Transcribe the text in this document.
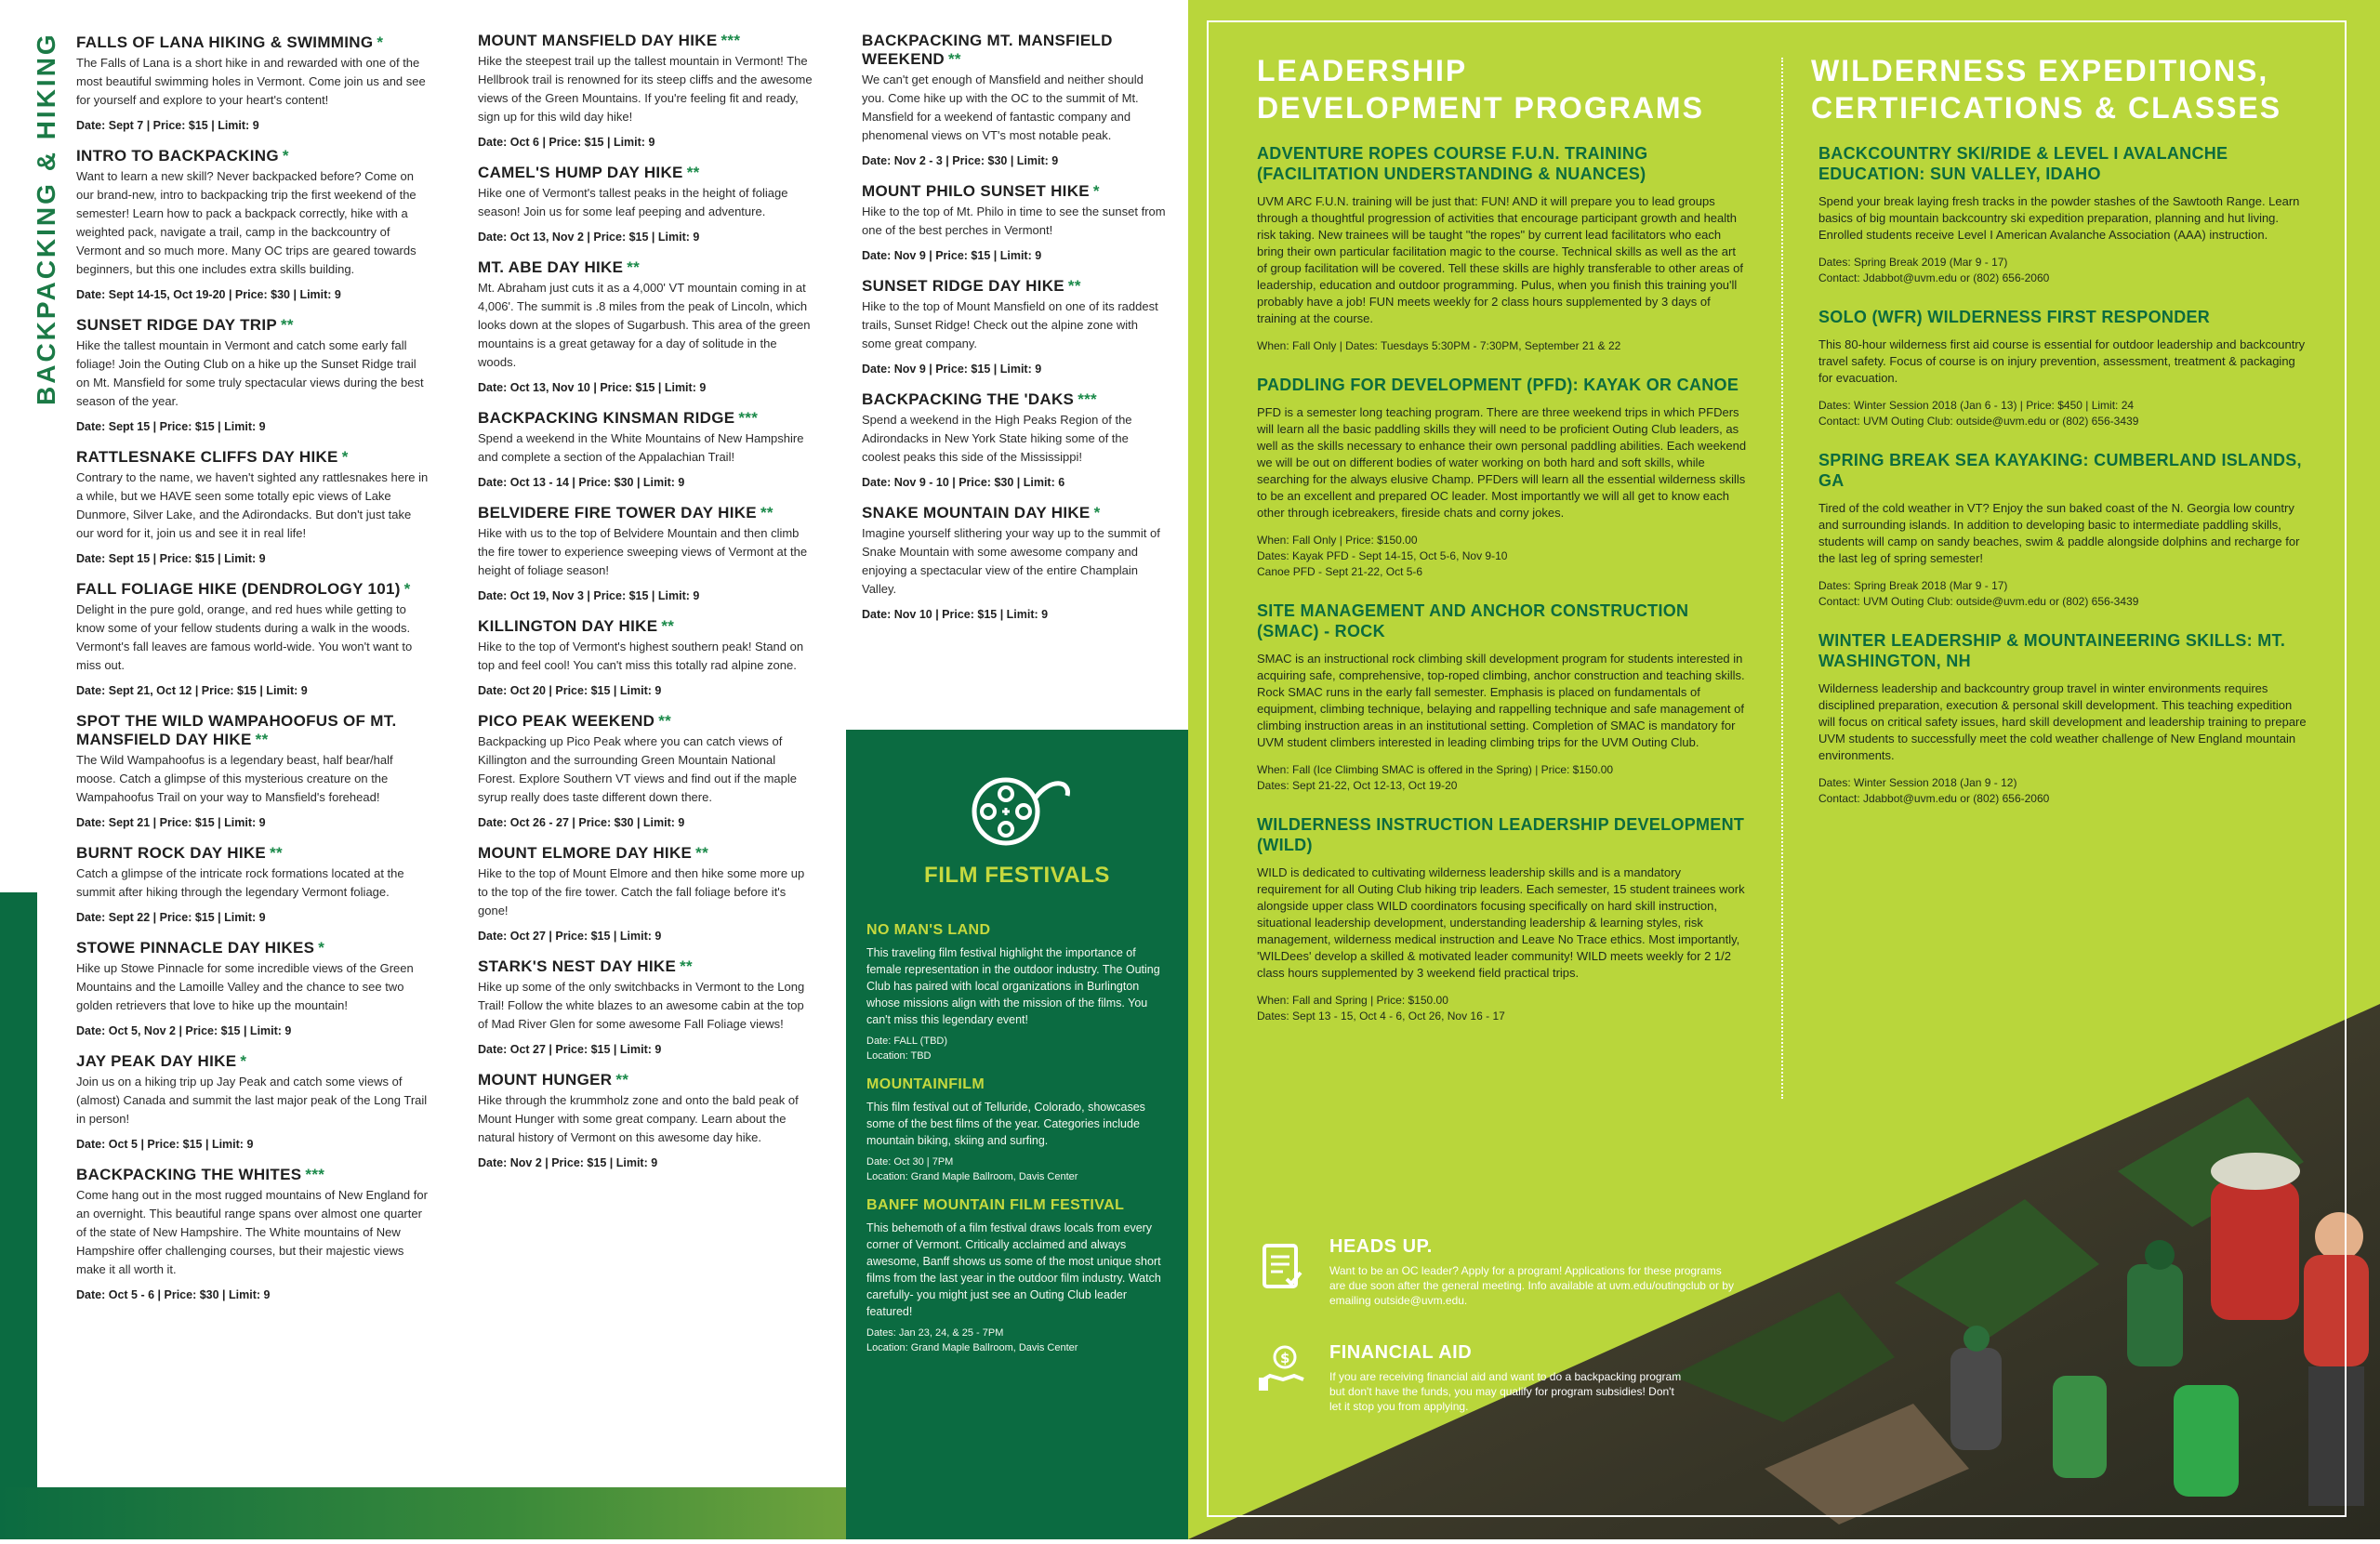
BACKPACKING & HIKING FALLS OF LANA HIKING & SWIMMING *
The Falls of Lana is a short hike in and rewarded with one of the most beautiful swimming holes in Vermont. Come join us and see for yourself and explore to your heart's content!
Date: Sept 7 | Price: $15 | Limit: 9
INTRO TO BACKPACKING *
Want to learn a new skill? Never backpacked before? Come on our brand-new, intro to backpacking trip the first weekend of the semester! Learn how to pack a backpack correctly, hike with a weighted pack, navigate a trail, camp in the backcountry of Vermont and so much more. Many OC trips are geared towards beginners, but this one includes extra skills building.
Date: Sept 14-15, Oct 19-20 | Price: $30 | Limit: 9
SUNSET RIDGE DAY TRIP **
Hike the tallest mountain in Vermont and catch some early fall foliage! Join the Outing Club on a hike up the Sunset Ridge trail on Mt. Mansfield for some truly spectacular views during the best season of the year.
Date: Sept 15 | Price: $15 | Limit: 9
RATTLESNAKE CLIFFS DAY HIKE *
Contrary to the name, we haven't sighted any rattlesnakes here in a while, but we HAVE seen some totally epic views of Lake Dunmore, Silver Lake, and the Adirondacks. But don't just take our word for it, join us and see it in real life!
Date: Sept 15 | Price: $15 | Limit: 9
FALL FOLIAGE HIKE (DENDROLOGY 101) *
Delight in the pure gold, orange, and red hues while getting to know some of your fellow students during a walk in the woods. Vermont's fall leaves are famous world-wide. You won't want to miss out.
Date: Sept 21, Oct 12 | Price: $15 | Limit: 9
SPOT THE WILD WAMPAHOOFUS OF MT. MANSFIELD DAY HIKE **
The Wild Wampahoofus is a legendary beast, half bear/half moose. Catch a glimpse of this mysterious creature on the Wampahoofus Trail on your way to Mansfield's forehead!
Date: Sept 21 | Price: $15 | Limit: 9
BURNT ROCK DAY HIKE **
Catch a glimpse of the intricate rock formations located at the summit after hiking through the legendary Vermont foliage.
Date: Sept 22 | Price: $15 | Limit: 9
STOWE PINNACLE DAY HIKES *
Hike up Stowe Pinnacle for some incredible views of the Green Mountains and the Lamoille Valley and the chance to see two golden retrievers that love to hike up the mountain!
Date: Oct 5, Nov 2 | Price: $15 | Limit: 9
JAY PEAK DAY HIKE *
Join us on a hiking trip up Jay Peak and catch some views of (almost) Canada and summit the last major peak of the Long Trail in person!
Date: Oct 5 | Price: $15 | Limit: 9
BACKPACKING THE WHITES ***
Come hang out in the most rugged mountains of New England for an overnight. This beautiful range spans over almost one quarter of the state of New Hampshire. The White mountains of New Hampshire offer challenging courses, but their majestic views make it all worth it.
Date: Oct 5 - 6 | Price: $30 | Limit: 9
MOUNT MANSFIELD DAY HIKE ***
Hike the steepest trail up the tallest mountain in Vermont! The Hellbrook trail is renowned for its steep cliffs and the awesome views of the Green Mountains. If you're feeling fit and ready, sign up for this wild day hike!
Date: Oct 6 | Price: $15 | Limit: 9
CAMEL'S HUMP DAY HIKE **
Hike one of Vermont's tallest peaks in the height of foliage season! Join us for some leaf peeping and adventure.
Date: Oct 13, Nov 2 | Price: $15 | Limit: 9
MT. ABE DAY HIKE **
Mt. Abraham just cuts it as a 4,000' VT mountain coming in at 4,006'. The summit is .8 miles from the peak of Lincoln, which looks down at the slopes of Sugarbush. This area of the green mountains is a great getaway for a day of solitude in the woods.
Date: Oct 13, Nov 10 | Price: $15 | Limit: 9
BACKPACKING KINSMAN RIDGE ***
Spend a weekend in the White Mountains of New Hampshire and complete a section of the Appalachian Trail!
Date: Oct 13 - 14 | Price: $30 | Limit: 9
BELVIDERE FIRE TOWER DAY HIKE **
Hike with us to the top of Belvidere Mountain and then climb the fire tower to experience sweeping views of Vermont at the height of foliage season!
Date: Oct 19, Nov 3 | Price: $15 | Limit: 9
KILLINGTON DAY HIKE **
Hike to the top of Vermont's highest southern peak! Stand on top and feel cool! You can't miss this totally rad alpine zone.
Date: Oct 20 | Price: $15 | Limit: 9
PICO PEAK WEEKEND **
Backpacking up Pico Peak where you can catch views of Killington and the surrounding Green Mountain National Forest. Explore Southern VT views and find out if the maple syrup really does taste different down there.
Date: Oct 26 - 27 | Price: $30 | Limit: 9
MOUNT ELMORE DAY HIKE **
Hike to the top of Mount Elmore and then hike some more up to the top of the fire tower. Catch the fall foliage before it's gone!
Date: Oct 27 | Price: $15 | Limit: 9
STARK'S NEST DAY HIKE **
Hike up some of the only switchbacks in Vermont to the Long Trail! Follow the white blazes to an awesome cabin at the top of Mad River Glen for some awesome Fall Foliage views!
Date: Oct 27 | Price: $15 | Limit: 9
MOUNT HUNGER **
Hike through the krummholz zone and onto the bald peak of Mount Hunger with some great company. Learn about the natural history of Vermont on this awesome day hike.
Date: Nov 2 | Price: $15 | Limit: 9
BACKPACKING MT. MANSFIELD WEEKEND **
We can't get enough of Mansfield and neither should you. Come hike up with the OC to the summit of Mt. Mansfield for a weekend of fantastic company and phenomenal views on VT's most notable peak.
Date: Nov 2 - 3 | Price: $30 | Limit: 9
MOUNT PHILO SUNSET HIKE *
Hike to the top of Mt. Philo in time to see the sunset from one of the best perches in Vermont!
Date: Nov 9 | Price: $15 | Limit: 9
SUNSET RIDGE DAY HIKE **
Hike to the top of Mount Mansfield on one of its raddest trails, Sunset Ridge! Check out the alpine zone with some great company.
Date: Nov 9 | Price: $15 | Limit: 9
BACKPACKING THE 'DAKS ***
Spend a weekend in the High Peaks Region of the Adirondacks in New York State hiking some of the coolest peaks this side of the Mississippi!
Date: Nov 9 - 10 | Price: $30 | Limit: 6
SNAKE MOUNTAIN DAY HIKE *
Imagine yourself slithering your way up to the summit of Snake Mountain with some awesome company and enjoying a spectacular view of the entire Champlain Valley.
Date: Nov 10 | Price: $15 | Limit: 9
FILM FESTIVALS
NO MAN'S LAND
This traveling film festival highlight the importance of female representation in the outdoor industry. The Outing Club has paired with local organizations in Burlington whose missions align with the mission of the films. You can't miss this legendary event!
Date: FALL (TBD)
Location: TBD
MOUNTAINFILM
This film festival out of Telluride, Colorado, showcases some of the best films of the year. Categories include mountain biking, skiing and surfing.
Date: Oct 30 | 7PM
Location: Grand Maple Ballroom, Davis Center
BANFF MOUNTAIN FILM FESTIVAL
This behemoth of a film festival draws locals from every corner of Vermont. Critically acclaimed and always awesome, Banff shows us some of the most unique short films from the last year in the outdoor film industry. Watch carefully- you might just see an Outing Club leader featured!
Dates: Jan 23, 24, & 25 - 7PM
Location: Grand Maple Ballroom, Davis Center
LEADERSHIP
DEVELOPMENT PROGRAMS
WILDERNESS EXPEDITIONS,
CERTIFICATIONS & CLASSES
ADVENTURE ROPES COURSE F.U.N. TRAINING (FACILITATION UNDERSTANDING & NUANCES)
UVM ARC F.U.N. training will be just that: FUN! AND it will prepare you to lead groups through a thoughtful progression of activities that encourage participant growth and health risk taking. New trainees will be taught "the ropes" by current lead facilitators who each bring their own particular facilitation magic to the course. Technical skills as well as the art of group facilitation will be covered. Tell these skills are highly transferable to other areas of leadership, education and outdoor programming. Pulus, when you finish this training you'll probably have a job! FUN meets weekly for 2 class hours supplemented by 3 days of training at the course.
When: Fall Only | Dates: Tuesdays 5:30PM - 7:30PM, September 21 & 22
PADDLING FOR DEVELOPMENT (PFD): KAYAK OR CANOE
PFD is a semester long teaching program. There are three weekend trips in which PFDers will learn all the basic paddling skills they will need to be proficient Outing Club leaders, as well as the skills necessary to enhance their own personal paddling abilities. Each weekend we will be out on different bodies of water working on both hard and soft skills, while searching for the always elusive Champ. PFDers will learn all the essential wilderness skills to be an excellent and prepared OC leader. Most importantly we will all get to know each other through icebreakers, fireside chats and corny jokes.
When: Fall Only | Price: $150.00
Dates: Kayak PFD - Sept 14-15, Oct 5-6, Nov 9-10
Canoe PFD - Sept 21-22, Oct 5-6
SITE MANAGEMENT AND ANCHOR CONSTRUCTION (SMAC) - ROCK
SMAC is an instructional rock climbing skill development program for students interested in acquiring safe, comprehensive, top-roped climbing, anchor construction and teaching skills. Rock SMAC runs in the early fall semester. Emphasis is placed on fundamentals of equipment, climbing technique, belaying and rappelling technique and safe management of climbing instruction areas in an institutional setting. Completion of SMAC is mandatory for UVM student climbers interested in leading climbing trips for the UVM Outing Club.
When: Fall (Ice Climbing SMAC is offered in the Spring) | Price: $150.00
Dates: Sept 21-22, Oct 12-13, Oct 19-20
WILDERNESS INSTRUCTION LEADERSHIP DEVELOPMENT (WILD)
WILD is dedicated to cultivating wilderness leadership skills and is a mandatory requirement for all Outing Club hiking trip leaders. Each semester, 15 student trainees work alongside upper class WILD coordinators focusing specifically on hard skill instruction, situational leadership development, understanding leadership & learning styles, risk management, wilderness medical instruction and Leave No Trace ethics. Most importantly, 'WILDees' develop a skilled & motivated leader community! WILD meets weekly for 2 1/2 class hours supplemented by 3 weekend field practical trips.
When: Fall and Spring | Price: $150.00
Dates: Sept 13 - 15, Oct 4 - 6, Oct 26, Nov 16 - 17
BACKCOUNTRY SKI/RIDE & LEVEL I AVALANCHE EDUCATION: SUN VALLEY, IDAHO
Spend your break laying fresh tracks in the powder stashes of the Sawtooth Range. Learn basics of big mountain backcountry ski expedition preparation, planning and hut living. Enrolled students receive Level I American Avalanche Association (AAA) instruction.
Dates: Spring Break 2019 (Mar 9 - 17)
Contact: Jdabbot@uvm.edu or (802) 656-2060
SOLO (WFR) WILDERNESS FIRST RESPONDER
This 80-hour wilderness first aid course is essential for outdoor leadership and backcountry travel safety. Focus of course is on injury prevention, assessment, treatment & packaging for evacuation.
Dates: Winter Session 2018 (Jan 6 - 13) | Price: $450 | Limit: 24
Contact: UVM Outing Club: outside@uvm.edu or (802) 656-3439
SPRING BREAK SEA KAYAKING: CUMBERLAND ISLANDS, GA
Tired of the cold weather in VT? Enjoy the sun baked coast of the N. Georgia low country and surrounding islands. In addition to developing basic to intermediate paddling skills, students will camp on sandy beaches, swim & paddle alongside dolphins and recharge for the last leg of spring semester!
Dates: Spring Break 2018 (Mar 9 - 17)
Contact: UVM Outing Club: outside@uvm.edu or (802) 656-3439
WINTER LEADERSHIP & MOUNTAINEERING SKILLS: MT. WASHINGTON, NH
Wilderness leadership and backcountry group travel in winter environments requires disciplined preparation, execution & personal skill development. This teaching expedition will focus on critical safety issues, hard skill development and leadership training to prepare UVM students to successfully meet the cold weather challenge of New England mountain environments.
Dates: Winter Session 2018 (Jan 9 - 12)
Contact: Jdabbot@uvm.edu or (802) 656-2060
HEADS UP.
Want to be an OC leader? Apply for a program! Applications for these programs are due soon after the general meeting. Info available at uvm.edu/outingclub or by emailing outside@uvm.edu.
$ FINANCIAL AID
If you are receiving financial aid and want to do a backpacking program but don't have the funds, you may qualify for program subsidies! Don't let it stop you from applying.
